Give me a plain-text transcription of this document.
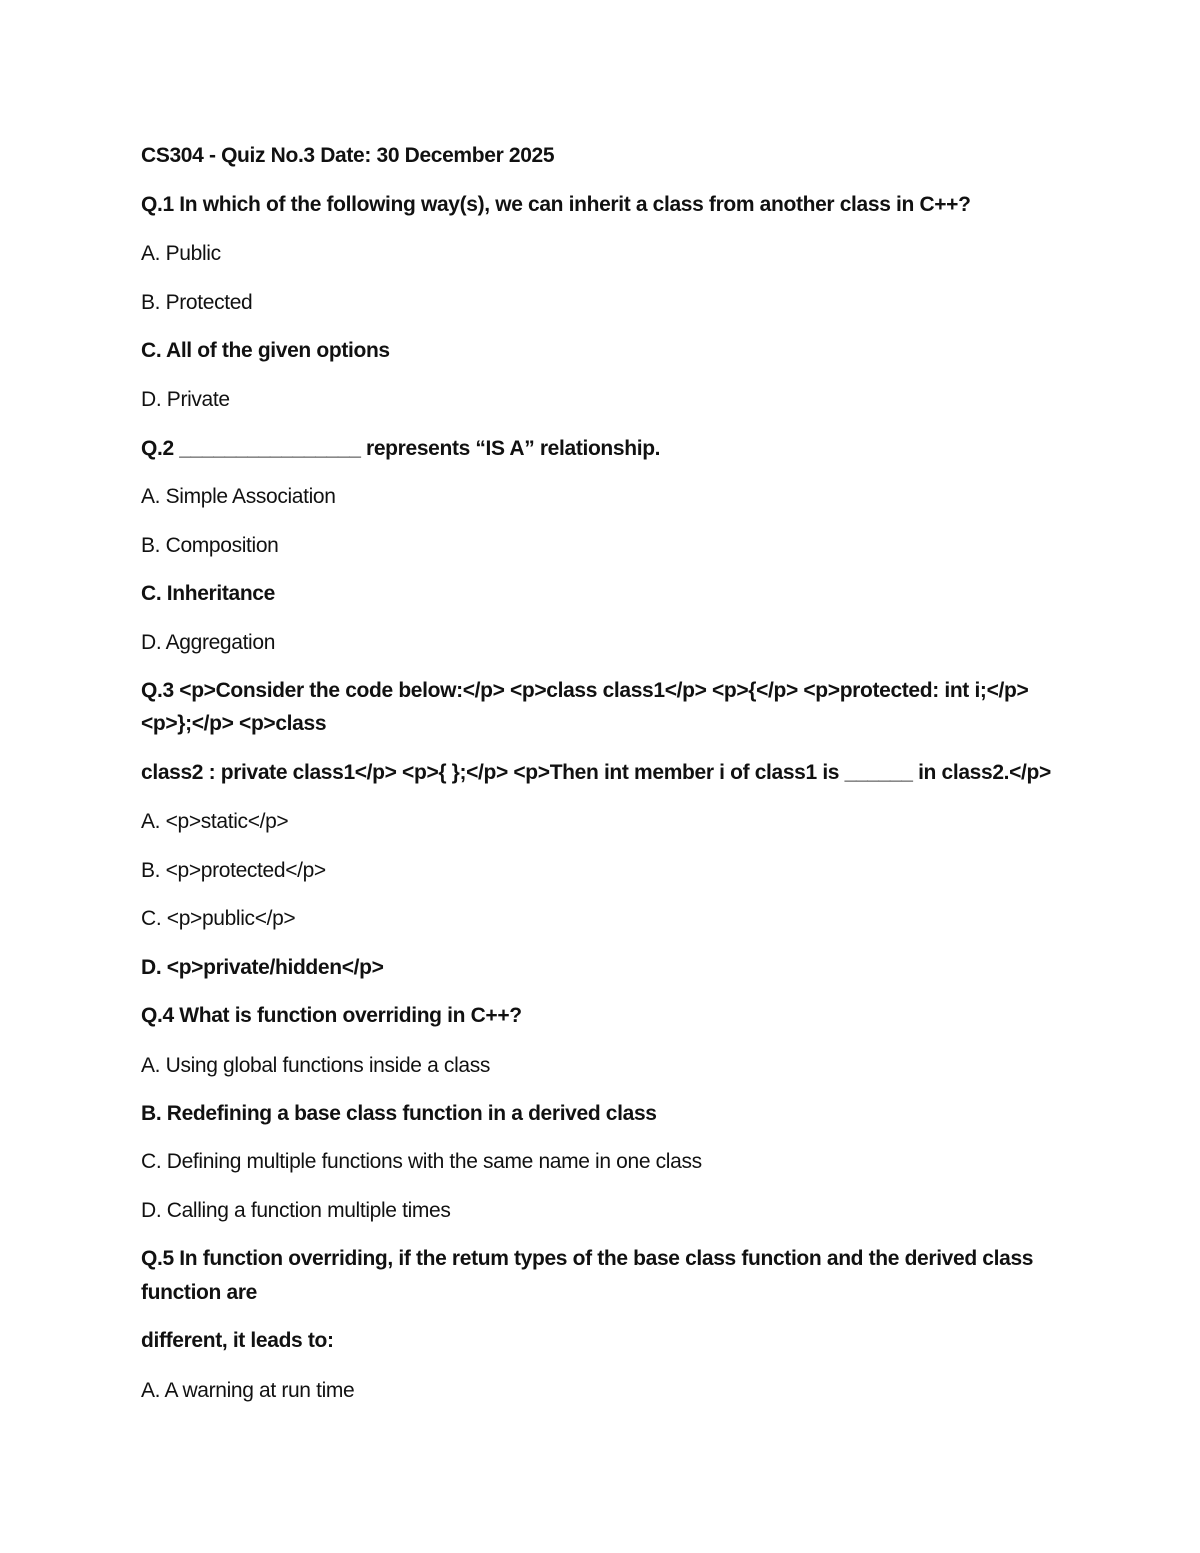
CS304 - Quiz No.3 Date: 30 December 2025

Q.1 In which of the following way(s), we can inherit a class from another class in C++?

A. Public

B. Protected

C. All of the given options

D. Private

Q.2 ________________ represents “IS A” relationship.

A. Simple Association

B. Composition

C. Inheritance

D. Aggregation

Q.3 <p>Consider the code below:</p> <p>class class1</p> <p>{</p> <p>protected: int i;</p>

<p>};</p> <p>class

class2 : private class1</p> <p>{ };</p> <p>Then int member i of class1 is ______ in class2.</p>

A. <p>static</p>

B. <p>protected</p>

C. <p>public</p>

D. <p>private/hidden</p>

Q.4 What is function overriding in C++?

A. Using global functions inside a class

B. Redefining a base class function in a derived class

C. Defining multiple functions with the same name in one class

D. Calling a function multiple times

Q.5 In function overriding, if the retum types of the base class function and the derived class

function are

different, it leads to:

A. A warning at run time
